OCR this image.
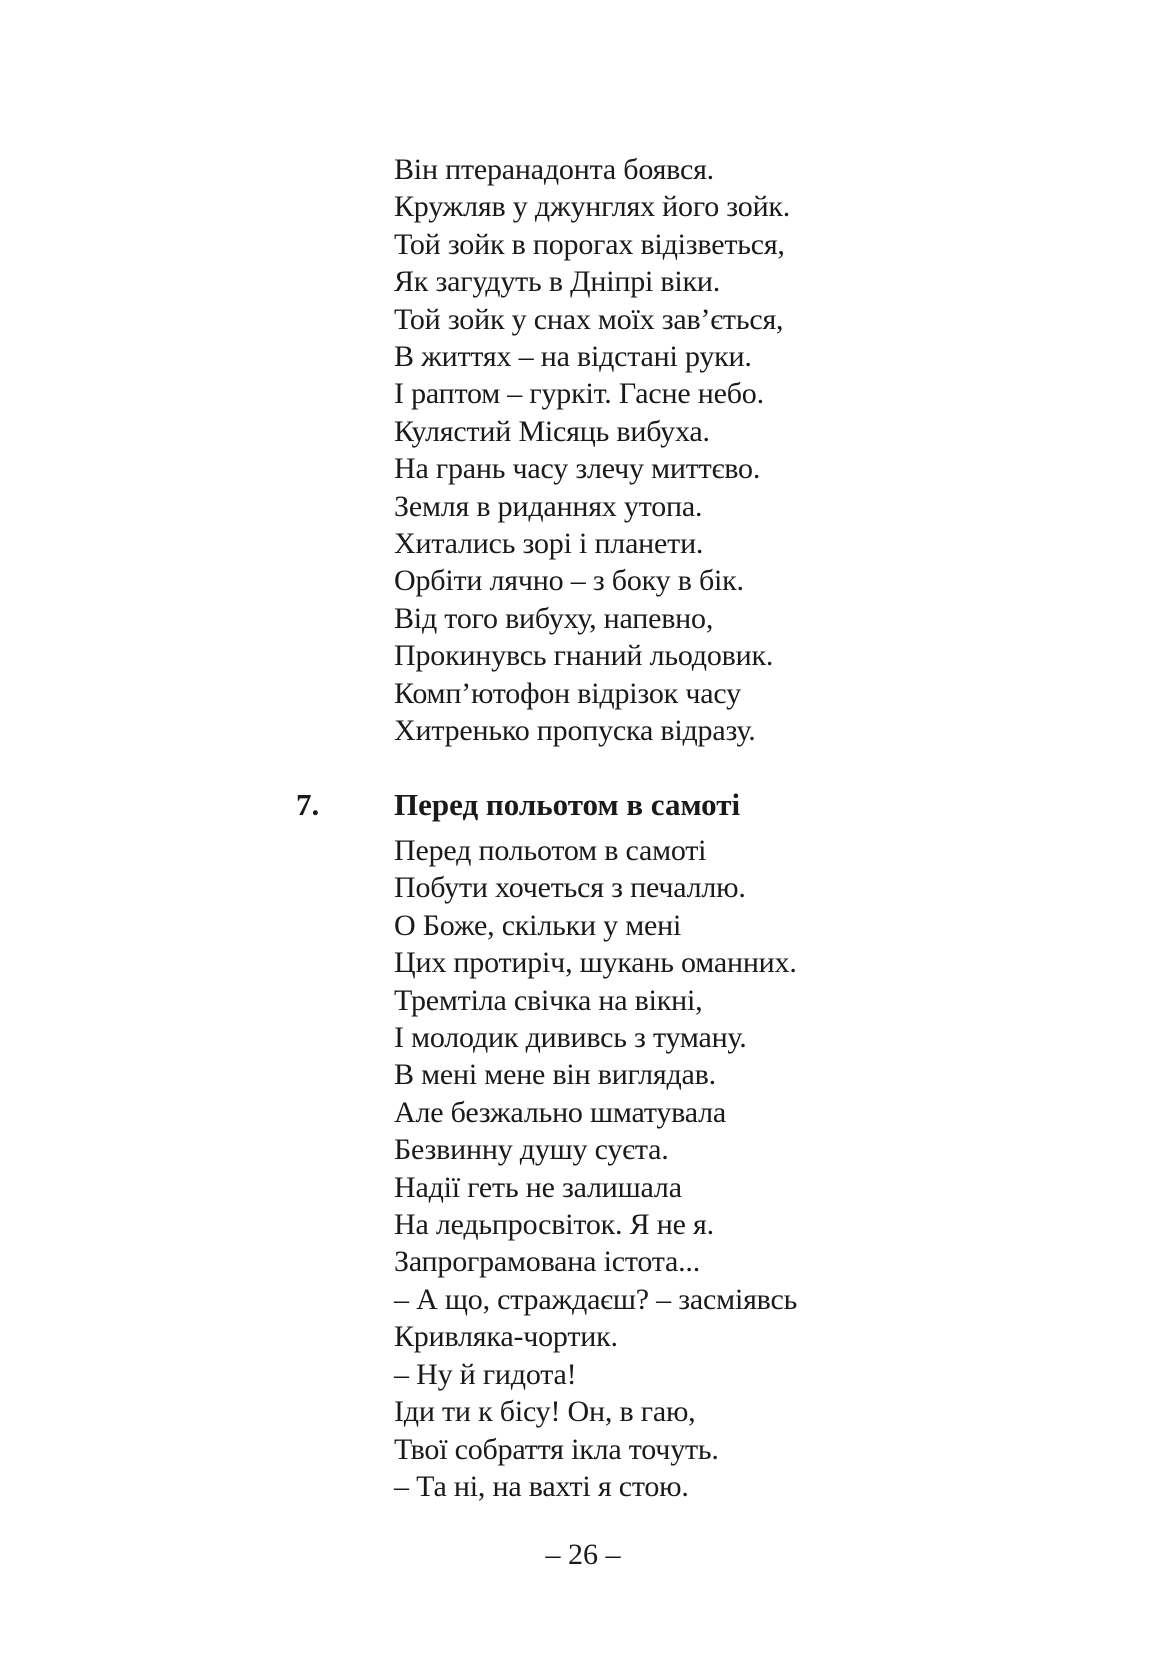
Він птеранадонта боявся.
Кружляв у джунглях його зойк.
Той зойк в порогах відізветься,
Як загудуть в Дніпрі віки.
Той зойк у снах моїх зав’ється,
В життях – на відстані руки.
І раптом – гуркіт. Гасне небо.
Кулястий Місяць вибуха.
На грань часу злечу миттєво.
Земля в риданнях утопа.
Хитались зорі і планети.
Орбіти лячно – з боку в бік.
Від того вибуху, напевно,
Прокинувсь гнаний льодовик.
Комп’ютофон відрізок часу
Хитренько пропуска відразу.
7. Перед польотом в самоті
Перед польотом в самоті
Побути хочеться з печаллю.
О Боже, скільки у мені
Цих протиріч, шукань оманних.
Тремтіла свічка на вікні,
І молодик дививсь з туману.
В мені мене він виглядав.
Але безжально шматувала
Безвинну душу суєта.
Надії геть не залишала
На ледьпросвіток. Я не я.
Запрограмована істота...
– А що, страждаєш? – засміявсь
Кривляка-чортик.
– Ну й гидота!
Іди ти к бісу! Он, в гаю,
Твої собраття ікла точуть.
– Та ні, на вахті я стою.
– 26 –
